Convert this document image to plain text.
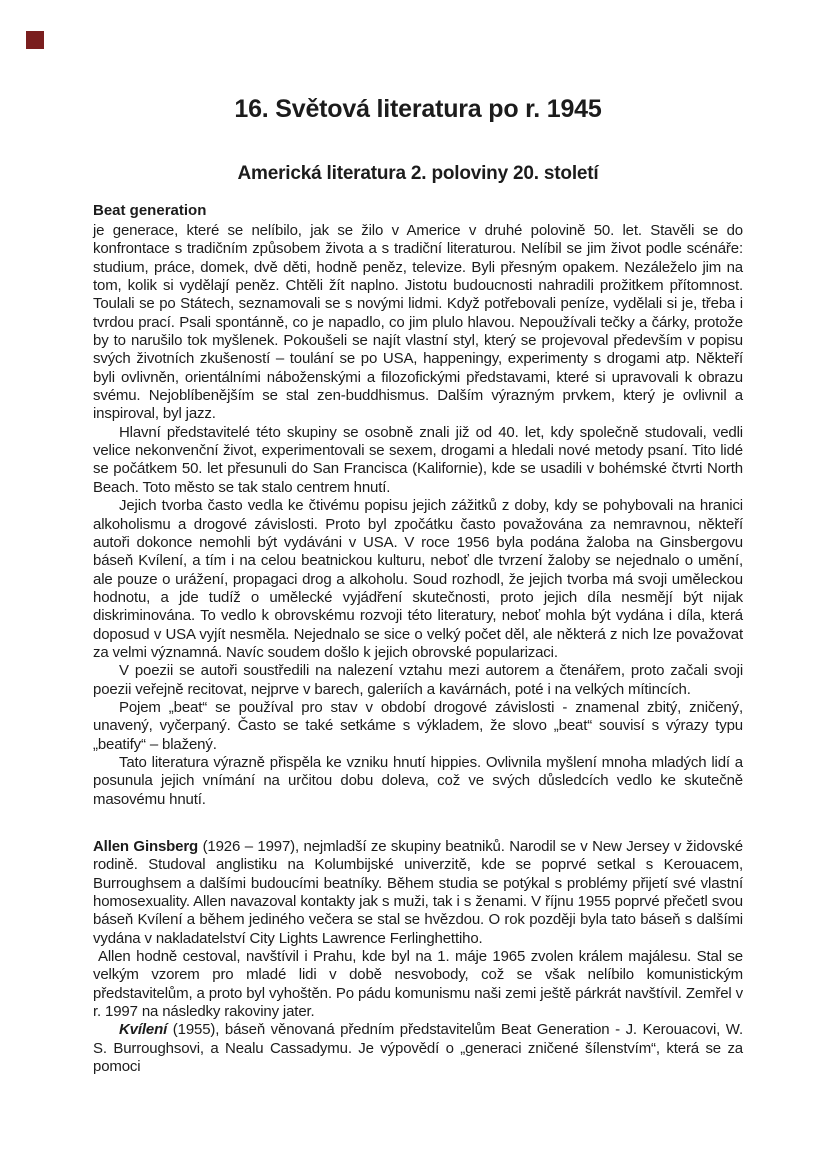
16. Světová literatura po r. 1945
Americká literatura 2. poloviny 20. století
Beat generation

je generace, které se nelíbilo, jak se žilo v Americe v druhé polovině 50. let. Stavěli se do konfrontace s tradičním způsobem života a s tradiční literaturou. Nelíbil se jim život podle scénáře: studium, práce, domek, dvě děti, hodně peněz, televize. Byli přesným opakem. Nezáleželo jim na tom, kolik si vydělají peněz. Chtěli žít naplno. Jistotu budoucnosti nahradili prožitkem přítomnost. Toulali se po Státech, seznamovali se s novými lidmi. Když potřebovali peníze, vydělali si je, třeba i tvrdou prací. Psali spontánně, co je napadlo, co jim plulo hlavou. Nepoužívali tečky a čárky, protože by to narušilo tok myšlenek. Pokoušeli se najít vlastní styl, který se projevoval především v popisu svých životních zkušeností – toulání se po USA, happeningy, experimenty s drogami atp. Někteří byli ovlivněn, orientálními náboženskými a filozofickými představami, které si upravovali k obrazu svému. Nejoblíbenějším se stal zen-buddhismus. Dalším výrazným prvkem, který je ovlivnil a inspiroval, byl jazz.

Hlavní představitelé této skupiny se osobně znali již od 40. let, kdy společně studovali, vedli velice nekonvenční život, experimentovali se sexem, drogami a hledali nové metody psaní. Tito lidé se počátkem 50. let přesunuli do San Francisca (Kalifornie), kde se usadili v bohémské čtvrti North Beach. Toto město se tak stalo centrem hnutí.

Jejich tvorba často vedla ke čtivému popisu jejich zážitků z doby, kdy se pohybovali na hranici alkoholismu a drogové závislosti. Proto byl zpočátku často považována za nemravnou, někteří autoři dokonce nemohli být vydáváni v USA. V roce 1956 byla podána žaloba na Ginsbergovu báseň Kvílení, a tím i na celou beatnickou kulturu, neboť dle tvrzení žaloby se nejednalo o umění, ale pouze o urážení, propagaci drog a alkoholu. Soud rozhodl, že jejich tvorba má svoji uměleckou hodnotu, a jde tudíž o umělecké vyjádření skutečnosti, proto jejich díla nesmějí být nijak diskriminována. To vedlo k obrovskému rozvoji této literatury, neboť mohla být vydána i díla, která doposud v USA vyjít nesměla. Nejednalo se sice o velký počet děl, ale některá z nich lze považovat za velmi významná. Navíc soudem došlo k jejich obrovské popularizaci.

V poezii se autoři soustředili na nalezení vztahu mezi autorem a čtenářem, proto začali svoji poezii veřejně recitovat, nejprve v barech, galeriích a kavárnách, poté i na velkých mítincích.

Pojem „beat“ se používal pro stav v období drogové závislosti - znamenal zbitý, zničený, unavený, vyčerpaný. Často se také setkáme s výkladem, že slovo „beat“ souvisí s výrazy typu „beatify“ – blažený.

Tato literatura výrazně přispěla ke vzniku hnutí hippies. Ovlivnila myšlení mnoha mladých lidí a posunula jejich vnímání na určitou dobu doleva, což ve svých důsledcích vedlo ke skutečně masovému hnutí.

Allen Ginsberg (1926 – 1997), nejmladší ze skupiny beatniků. Narodil se v New Jersey v židovské rodině. Studoval anglistiku na Kolumbijské univerzitě, kde se poprvé setkal s Kerouacem, Burroughsem a dalšími budoucími beatníky. Během studia se potýkal s problémy přijetí své vlastní homosexuality. Allen navazoval kontakty jak s muži, tak i s ženami. V říjnu 1955 poprvé přečetl svou báseň Kvílení a během jediného večera se stal se hvězdou. O rok později byla tato báseň s dalšími vydána v nakladatelství City Lights Lawrence Ferlinghettiho.

Allen hodně cestoval, navštívil i Prahu, kde byl na 1. máje 1965 zvolen králem majálesu. Stal se velkým vzorem pro mladé lidi v době nesvobody, což se však nelíbilo komunistickým představitelům, a proto byl vyhoštěn. Po pádu komunismu naši zemi ještě párkrát navštívil. Zemřel v r. 1997 na následky rakoviny jater.

Kvílení (1955), báseň věnovaná předním představitelům Beat Generation - J. Kerouacovi, W. S. Burroughsovi, a Nealu Cassadymu. Je výpovědí o „generaci zničené šílenstvím“, která se za pomoci
